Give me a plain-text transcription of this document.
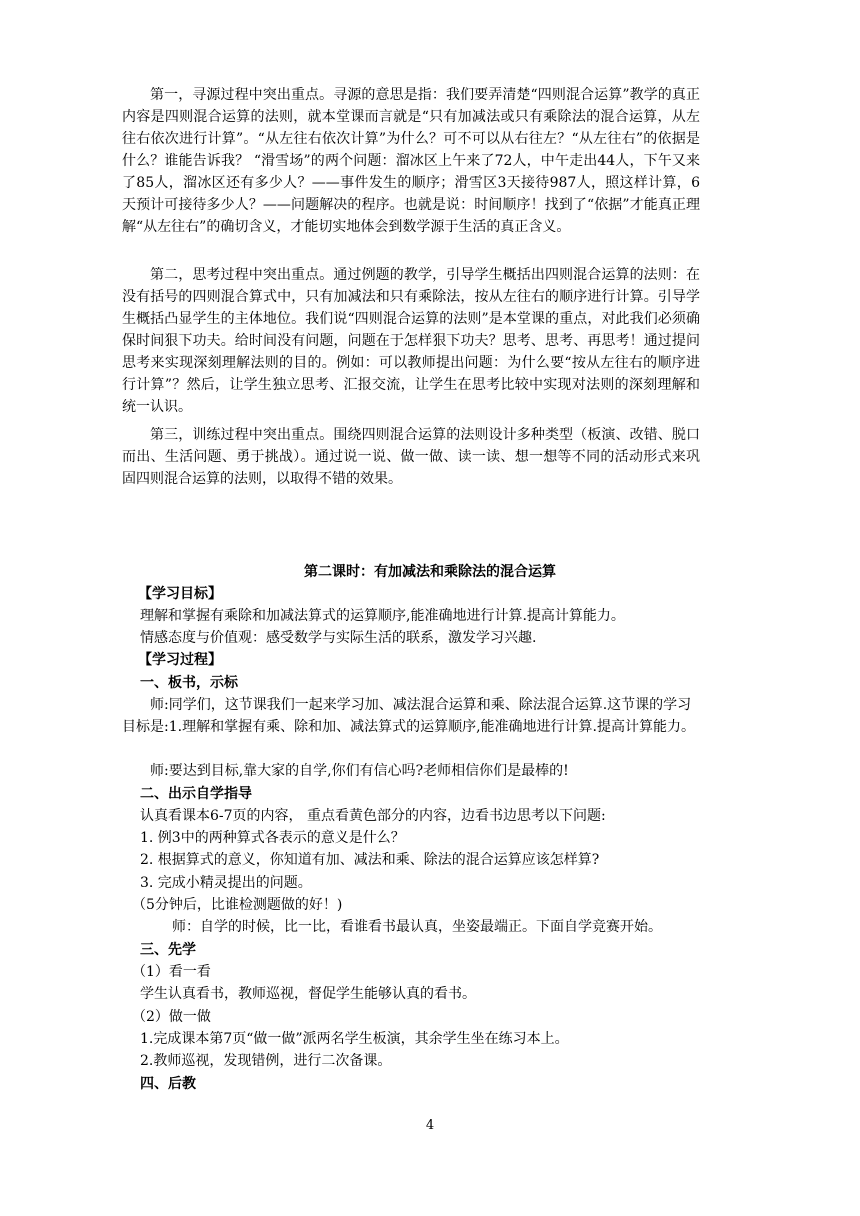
第一，寻源过程中突出重点。寻源的意思是指：我们要弄清楚“四则混合运算”教学的真正内容是四则混合运算的法则，就本堂课而言就是“只有加减法或只有乘除法的混合运算，从左往右依次进行计算”。“从左往右依次计算”为什么？可不可以从右往左？“从左往右”的依据是什么？谁能告诉我？ “滑雪场”的两个问题：溜冰区上午来了72人，中午走出44人，下午又来了85人，溜冰区还有多少人？——事件发生的顺序；滑雪区3天接待987人，照这样计算，6天预计可接待多少人？——问题解决的程序。也就是说：时间顺序！找到了“依据”才能真正理解“从左往右”的确切含义，才能切实地体会到数学源于生活的真正含义。

第二，思考过程中突出重点。通过例题的教学，引导学生概括出四则混合运算的法则：在没有括号的四则混合算式中，只有加减法和只有乘除法，按从左往右的顺序进行计算。引导学生概括凸显学生的主体地位。我们说“四则混合运算的法则”是本堂课的重点，对此我们必须确保时间狠下功夫。给时间没有问题，问题在于怎样狠下功夫？思考、思考、再思考！通过提问思考来实现深刻理解法则的目的。例如：可以教师提出问题：为什么要“按从左往右的顺序进行计算”？然后，让学生独立思考、汇报交流，让学生在思考比较中实现对法则的深刻理解和统一认识。

第三，训练过程中突出重点。围绕四则混合运算的法则设计多种类型（板演、改错、脱口而出、生活问题、勇于挑战）。通过说一说、做一做、读一读、想一想等不同的活动形式来巩固四则混合运算的法则，以取得不错的效果。

第二课时：有加减法和乘除法的混合运算

【学习目标】

理解和掌握有乘除和加减法算式的运算顺序,能准确地进行计算.提高计算能力。

情感态度与价值观：感受数学与实际生活的联系，激发学习兴趣.

【学习过程】

一、板书，示标

师:同学们，这节课我们一起来学习加、减法混合运算和乘、除法混合运算.这节课的学习目标是:1.理解和掌握有乘、除和加、减法算式的运算顺序,能准确地进行计算.提高计算能力。

师:要达到目标,靠大家的自学,你们有信心吗?老师相信你们是最棒的!

二、出示自学指导

认真看课本6-7页的内容， 重点看黄色部分的内容，边看书边思考以下问题:

1. 例3中的两种算式各表示的意义是什么？

2. 根据算式的意义，你知道有加、减法和乘、除法的混合运算应该怎样算?

3. 完成小精灵提出的问题。

（5分钟后，比谁检测题做的好！)

师：自学的时候，比一比，看谁看书最认真，坐姿最端正。下面自学竞赛开始。

三、先学

（1）看一看

学生认真看书，教师巡视，督促学生能够认真的看书。

（2）做一做

1.完成课本第7页“做一做”派两名学生板演，其余学生坐在练习本上。

2.教师巡视，发现错例，进行二次备课。

四、后教

4
